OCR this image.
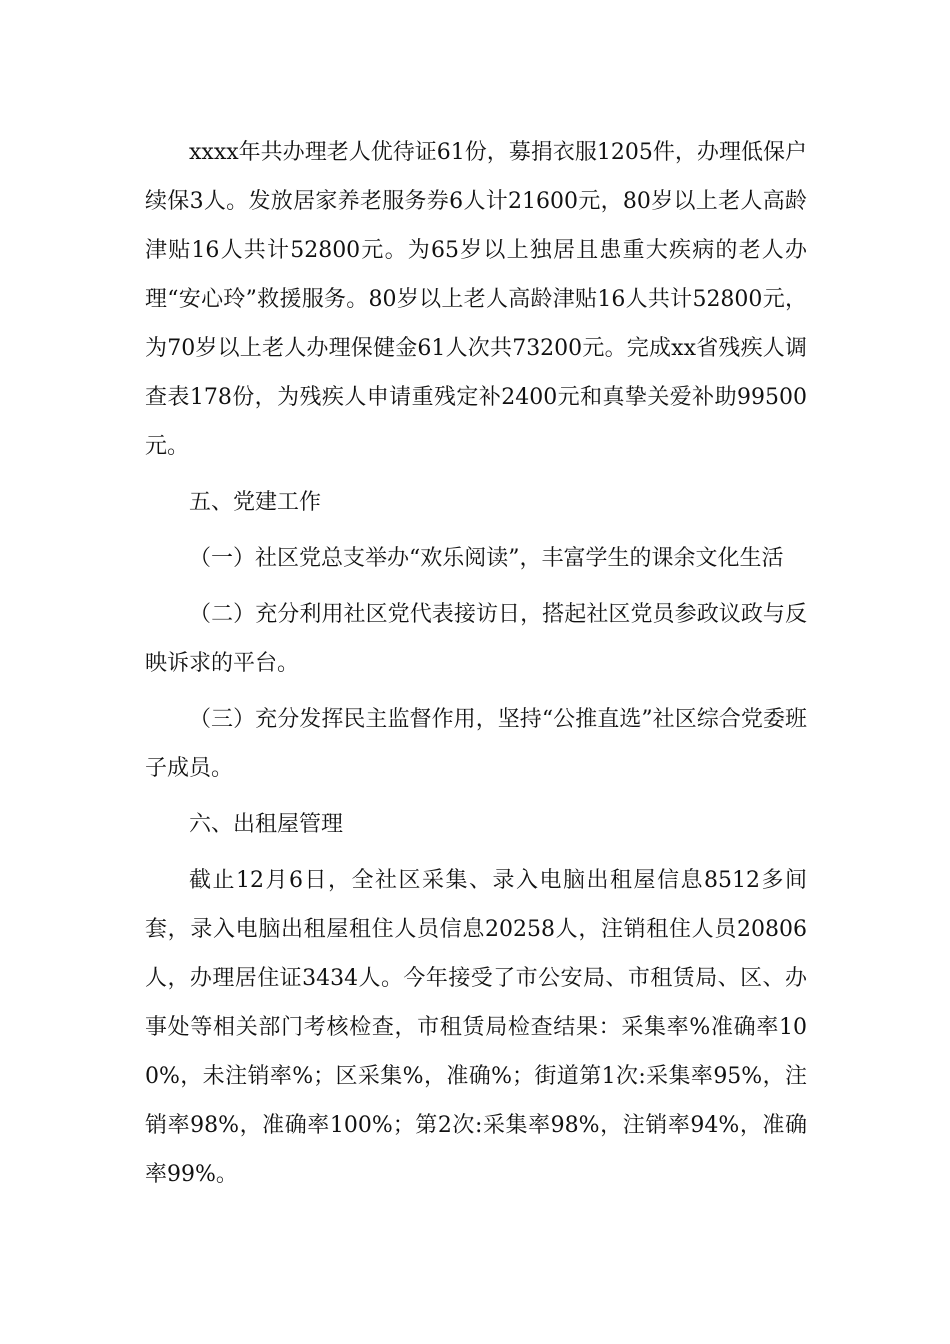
xxxx年共办理老人优待证61份，募捐衣服1205件，办理低保户续保3人。发放居家养老服务券6人计21600元，80岁以上老人高龄津贴16人共计52800元。为65岁以上独居且患重大疾病的老人办理“安心玲”救援服务。80岁以上老人高龄津贴16人共计52800元，为70岁以上老人办理保健金61人次共73200元。完成xx省残疾人调查表178份，为残疾人申请重残定补2400元和真挚关爱补助99500元。

五、党建工作

（一）社区党总支举办“欢乐阅读”，丰富学生的课余文化生活

（二）充分利用社区党代表接访日，搭起社区党员参政议政与反映诉求的平台。

（三）充分发挥民主监督作用，坚持“公推直选”社区综合党委班子成员。

六、出租屋管理

截止12月6日，全社区采集、录入电脑出租屋信息8512多间套，录入电脑出租屋租住人员信息20258人，注销租住人员20806人，办理居住证3434人。今年接受了市公安局、市租赁局、区、办事处等相关部门考核检查，市租赁局检查结果：采集率%准确率100%，未注销率%；区采集%，准确%；街道第1次:采集率95%，注销率98%，准确率100%；第2次:采集率98%，注销率94%，准确率99%。
